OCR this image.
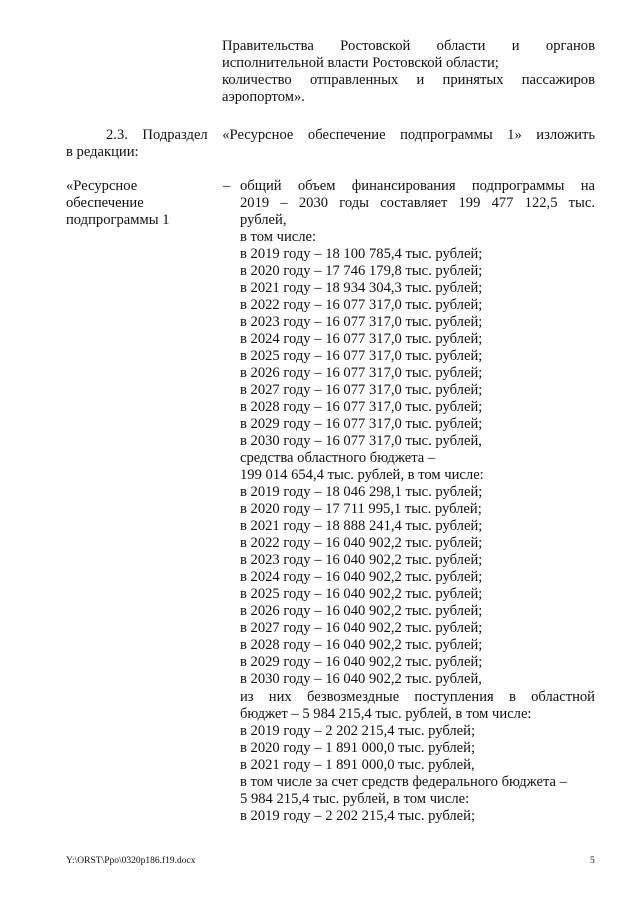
Правительства Ростовской области и органов
исполнительной власти Ростовской области;
количество отправленных и принятых пассажиров
аэропортом».
2.3. Подраздел «Ресурсное обеспечение подпрограммы 1» изложить
в редакции:
«Ресурсное
обеспечение
подпрограммы 1
– общий объем финансирования подпрограммы на
2019 – 2030 годы составляет 199 477 122,5 тыс.
рублей,
в том числе:
в 2019 году – 18 100 785,4 тыс. рублей;
в 2020 году – 17 746 179,8 тыс. рублей;
в 2021 году – 18 934 304,3 тыс. рублей;
в 2022 году – 16 077 317,0 тыс. рублей;
в 2023 году – 16 077 317,0 тыс. рублей;
в 2024 году – 16 077 317,0 тыс. рублей;
в 2025 году – 16 077 317,0 тыс. рублей;
в 2026 году – 16 077 317,0 тыс. рублей;
в 2027 году – 16 077 317,0 тыс. рублей;
в 2028 году – 16 077 317,0 тыс. рублей;
в 2029 году – 16 077 317,0 тыс. рублей;
в 2030 году – 16 077 317,0 тыс. рублей,
средства областного бюджета –
199 014 654,4 тыс. рублей, в том числе:
в 2019 году – 18 046 298,1 тыс. рублей;
в 2020 году – 17 711 995,1 тыс. рублей;
в 2021 году – 18 888 241,4 тыс. рублей;
в 2022 году – 16 040 902,2 тыс. рублей;
в 2023 году – 16 040 902,2 тыс. рублей;
в 2024 году – 16 040 902,2 тыс. рублей;
в 2025 году – 16 040 902,2 тыс. рублей;
в 2026 году – 16 040 902,2 тыс. рублей;
в 2027 году – 16 040 902,2 тыс. рублей;
в 2028 году – 16 040 902,2 тыс. рублей;
в 2029 году – 16 040 902,2 тыс. рублей;
в 2030 году – 16 040 902,2 тыс. рублей,
из них безвозмездные поступления в областной
бюджет – 5 984 215,4 тыс. рублей, в том числе:
в 2019 году – 2 202 215,4 тыс. рублей;
в 2020 году – 1 891 000,0 тыс. рублей;
в 2021 году – 1 891 000,0 тыс. рублей,
в том числе за счет средств федерального бюджета –
5 984 215,4 тыс. рублей, в том числе:
в 2019 году – 2 202 215,4 тыс. рублей;
Y:\ORST\Ppo\0320p186.f19.docx	5
